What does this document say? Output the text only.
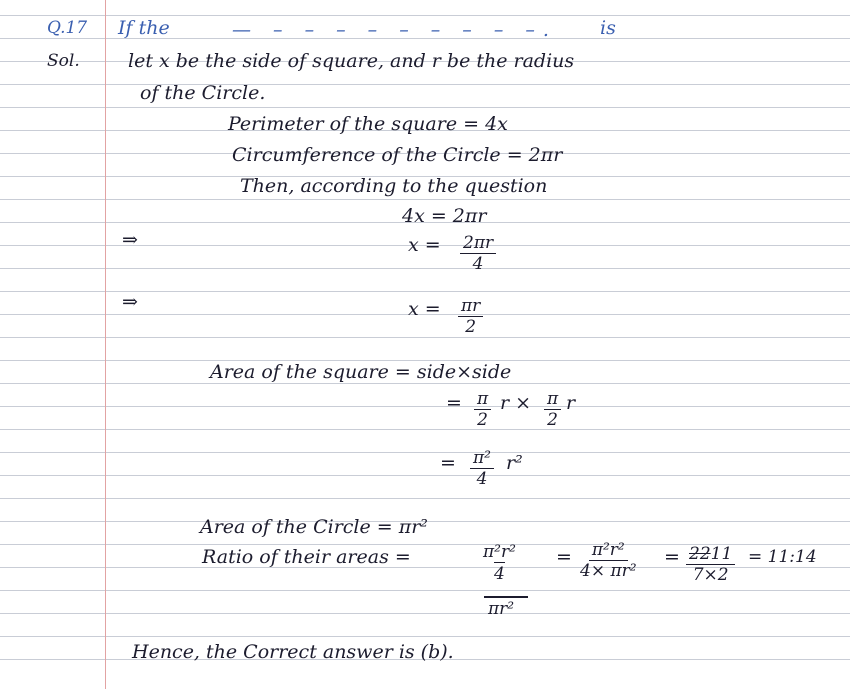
Q.17 If the	— – – – – – – – – –. is
Sol.	let x be the side of square, and r be the radius
of the Circle.
Perimeter of the square = 4x
Circumference of the Circle = 2πr
Then, according to the question
4x = 2πr
⇒	$x = \frac{2\pi r}{4}$
⇒	$x = \frac{\pi r}{2}$
Area of the square = side×side
= $\frac{\pi}{2}$ $r \times \frac{\pi}{2}$ r
= $\frac{\text{π²}}{4} r^2$
Area of the Circle = πr²
Ratio of their areas =	$\frac{\text{π²r²}}{4}$
πr²
= $\frac{\text{π²r²}}{\text{4× πr²}} = \frac{2211}{7\times 2}$ = 11:14
Hence, the Correct answer is (b).
